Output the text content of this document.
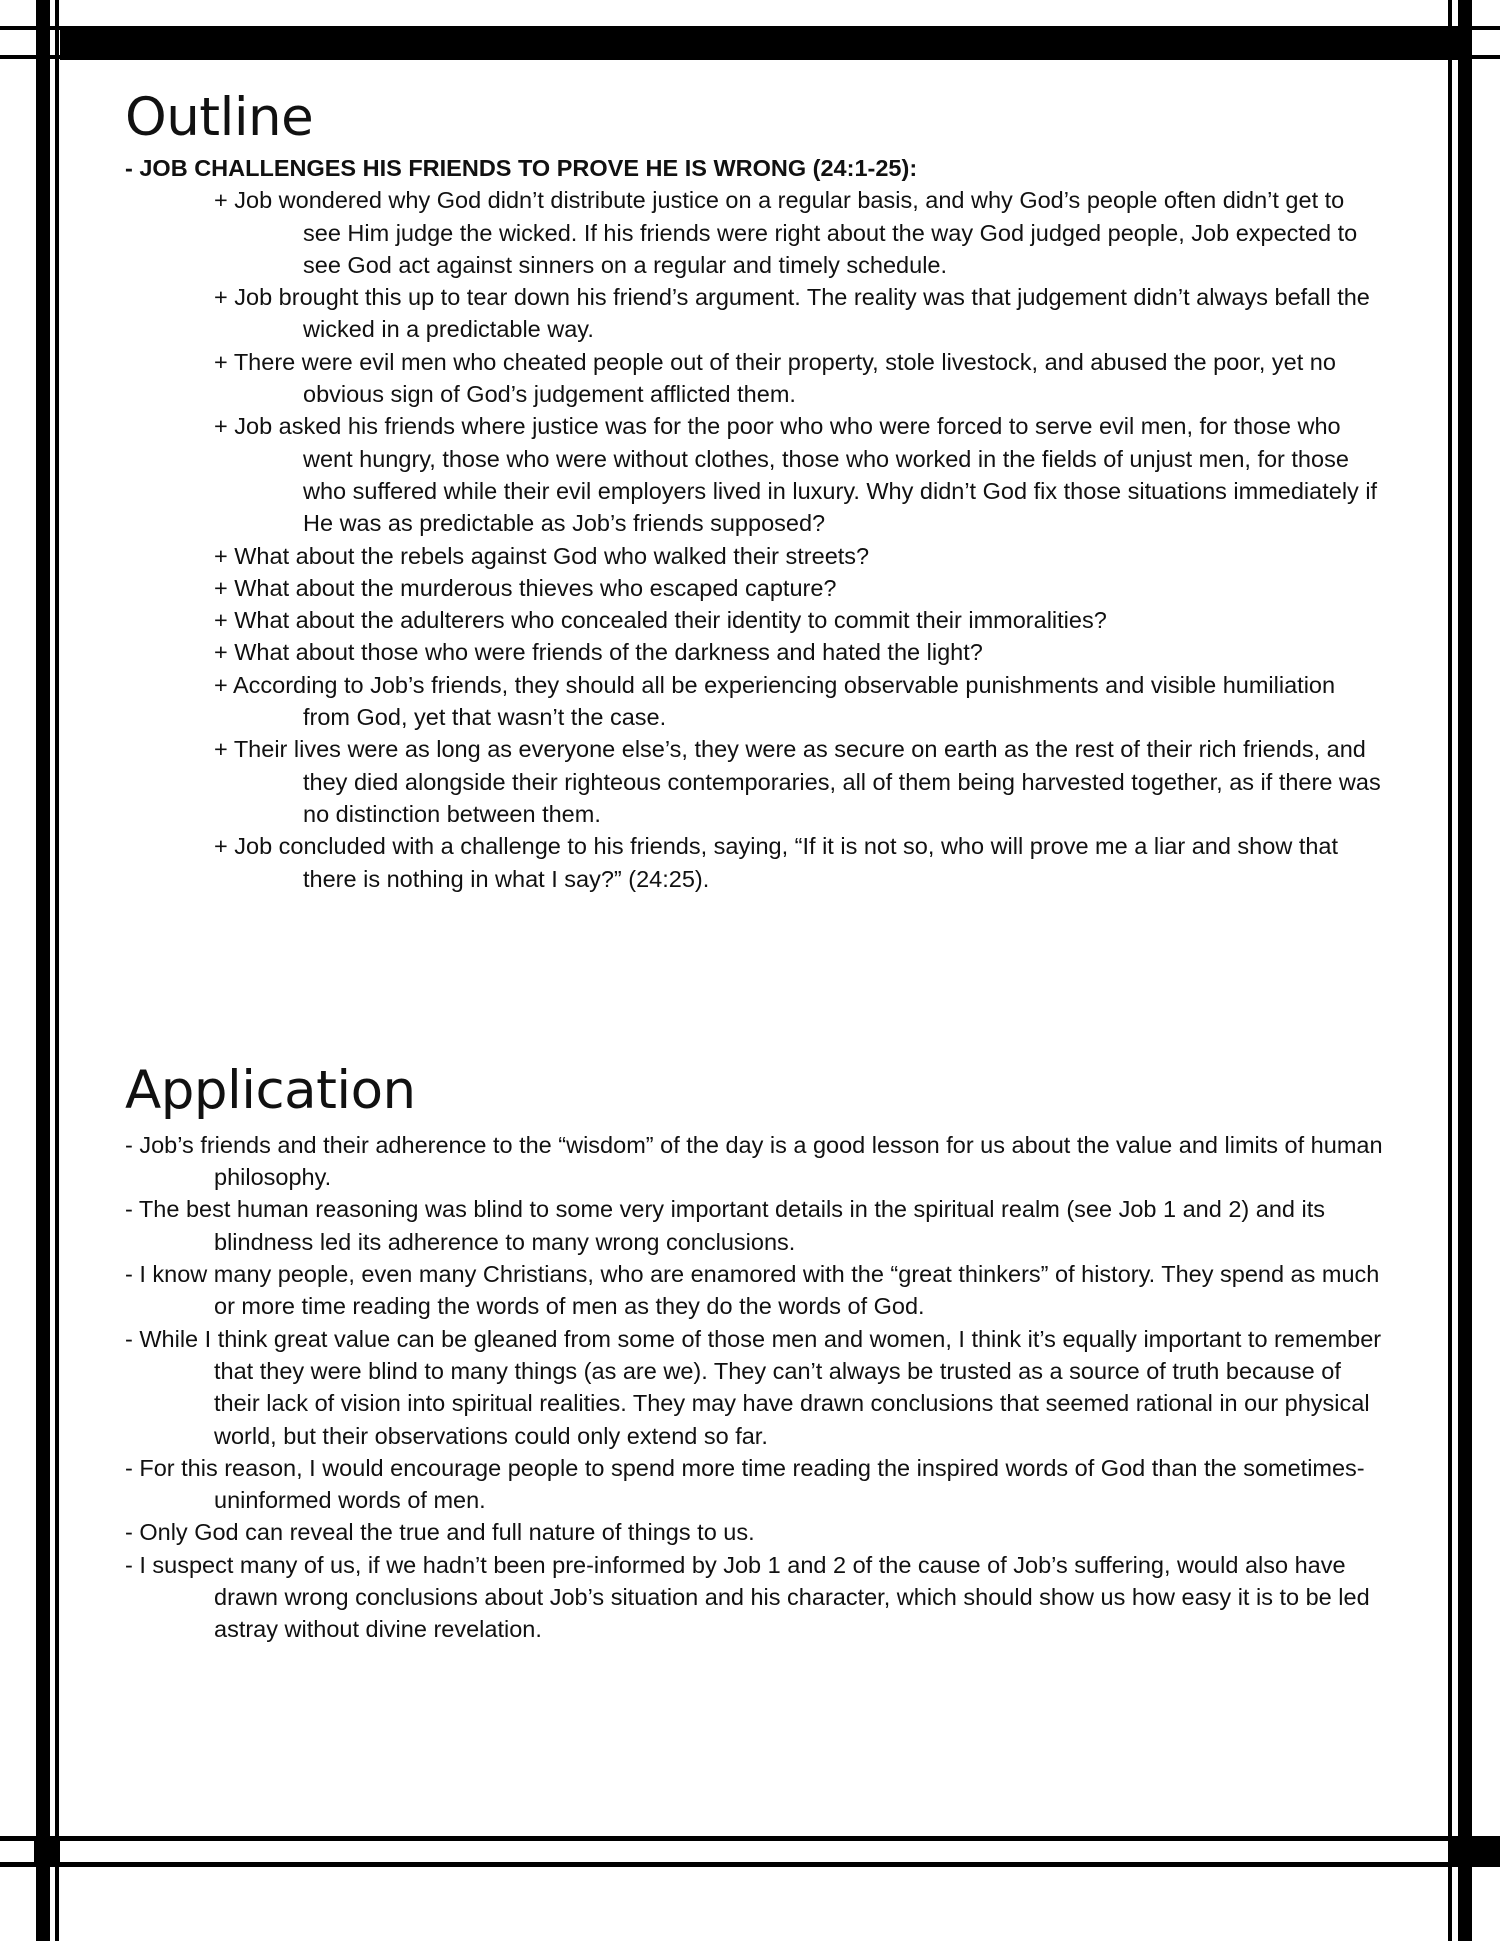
Outline
- JOB CHALLENGES HIS FRIENDS TO PROVE HE IS WRONG (24:1-25):
+ Job wondered why God didn’t distribute justice on a regular basis, and why God’s people often didn’t get to see Him judge the wicked. If his friends were right about the way God judged people, Job expected to see God act against sinners on a regular and timely schedule.
+ Job brought this up to tear down his friend’s argument. The reality was that judgement didn’t always befall the wicked in a predictable way.
+ There were evil men who cheated people out of their property, stole livestock, and abused the poor, yet no obvious sign of God’s judgement afflicted them.
+ Job asked his friends where justice was for the poor who who were forced to serve evil men, for those who went hungry, those who were without clothes, those who worked in the fields of unjust men, for those who suffered while their evil employers lived in luxury. Why didn’t God fix those situations immediately if He was as predictable as Job’s friends supposed?
+ What about the rebels against God who walked their streets?
+ What about the murderous thieves who escaped capture?
+ What about the adulterers who concealed their identity to commit their immoralities?
+ What about those who were friends of the darkness and hated the light?
+ According to Job’s friends, they should all be experiencing observable punishments and visible humiliation from God, yet that wasn’t the case.
+ Their lives were as long as everyone else’s, they were as secure on earth as the rest of their rich friends, and they died alongside their righteous contemporaries, all of them being harvested together, as if there was no distinction between them.
+ Job concluded with a challenge to his friends, saying, “If it is not so, who will prove me a liar and show that there is nothing in what I say?” (24:25).
Application
- Job’s friends and their adherence to the “wisdom” of the day is a good lesson for us about the value and limits of human philosophy.
- The best human reasoning was blind to some very important details in the spiritual realm (see Job 1 and 2) and its blindness led its adherence to many wrong conclusions.
- I know many people, even many Christians, who are enamored with the “great thinkers” of history. They spend as much or more time reading the words of men as they do the words of God.
- While I think great value can be gleaned from some of those men and women, I think it’s equally important to remember that they were blind to many things (as are we). They can’t always be trusted as a source of truth because of their lack of vision into spiritual realities. They may have drawn conclusions that seemed rational in our physical world, but their observations could only extend so far.
- For this reason, I would encourage people to spend more time reading the inspired words of God than the sometimes-uninformed words of men.
- Only God can reveal the true and full nature of things to us.
- I suspect many of us, if we hadn’t been pre-informed by Job 1 and 2 of the cause of Job’s suffering, would also have drawn wrong conclusions about Job’s situation and his character, which should show us how easy it is to be led astray without divine revelation.
